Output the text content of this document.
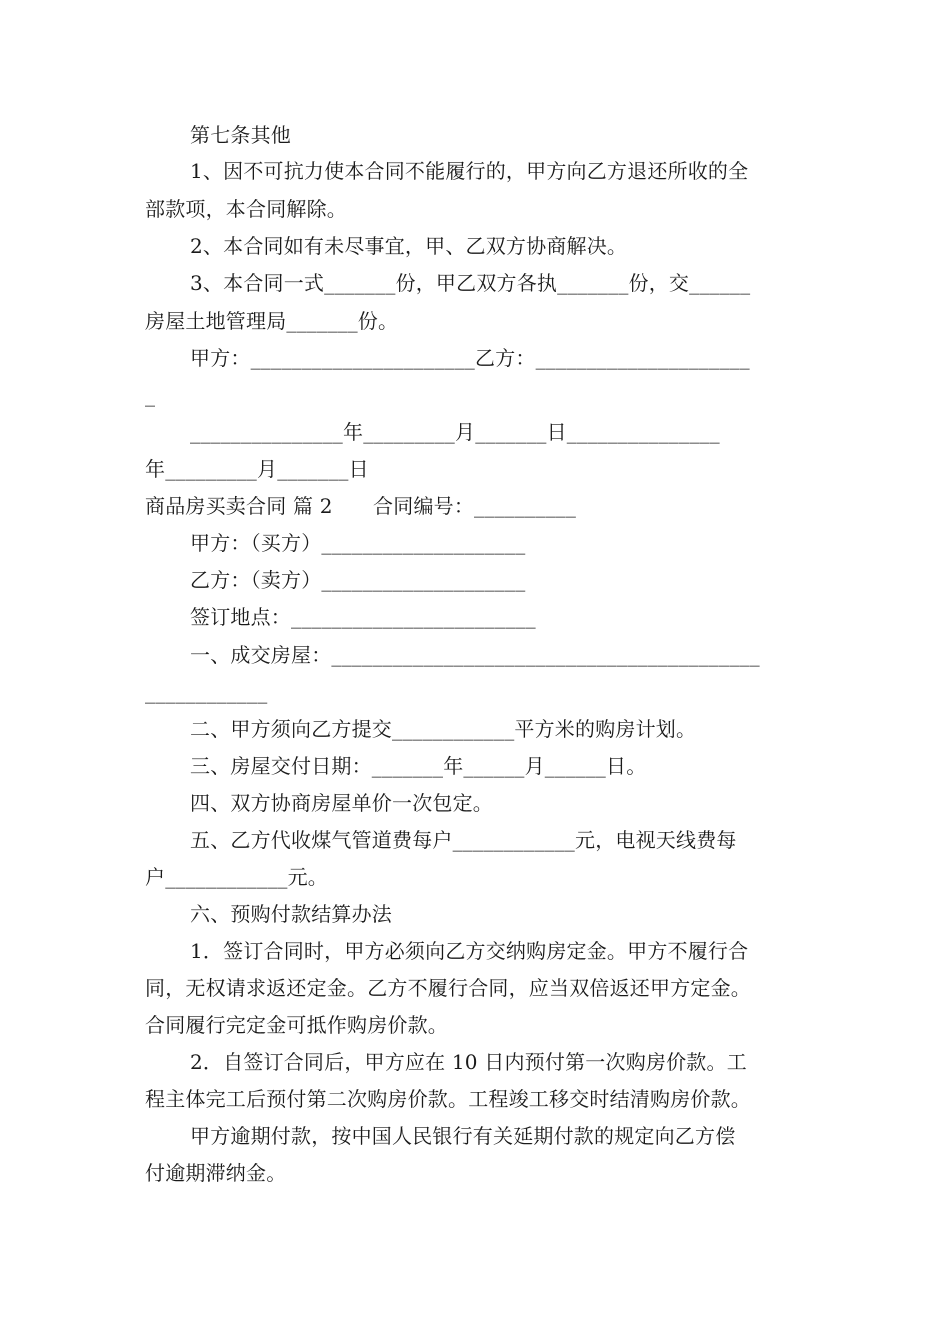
第七条其他
1、因不可抗力使本合同不能履行的，甲方向乙方退还所收的全
部款项，本合同解除。
2、本合同如有未尽事宜，甲、乙双方协商解决。
3、本合同一式_______份，甲乙双方各执_______份，交______
房屋土地管理局_______份。
甲方：______________________乙方：_____________________
_
_______________年_________月_______日_______________
年_________月_______日
商品房买卖合同 篇 2　　合同编号：__________
甲方：（买方）____________________
乙方：（卖方）____________________
签订地点：________________________
一、成交房屋：__________________________________________
____________
二、甲方须向乙方提交____________平方米的购房计划。
三、房屋交付日期：_______年______月______日。
四、双方协商房屋单价一次包定。
五、乙方代收煤气管道费每户____________元，电视天线费每
户____________元。
六、预购付款结算办法
1．签订合同时，甲方必须向乙方交纳购房定金。甲方不履行合
同，无权请求返还定金。乙方不履行合同，应当双倍返还甲方定金。
合同履行完定金可抵作购房价款。
2．自签订合同后，甲方应在 10 日内预付第一次购房价款。工
程主体完工后预付第二次购房价款。工程竣工移交时结清购房价款。
甲方逾期付款，按中国人民银行有关延期付款的规定向乙方偿
付逾期滞纳金。
